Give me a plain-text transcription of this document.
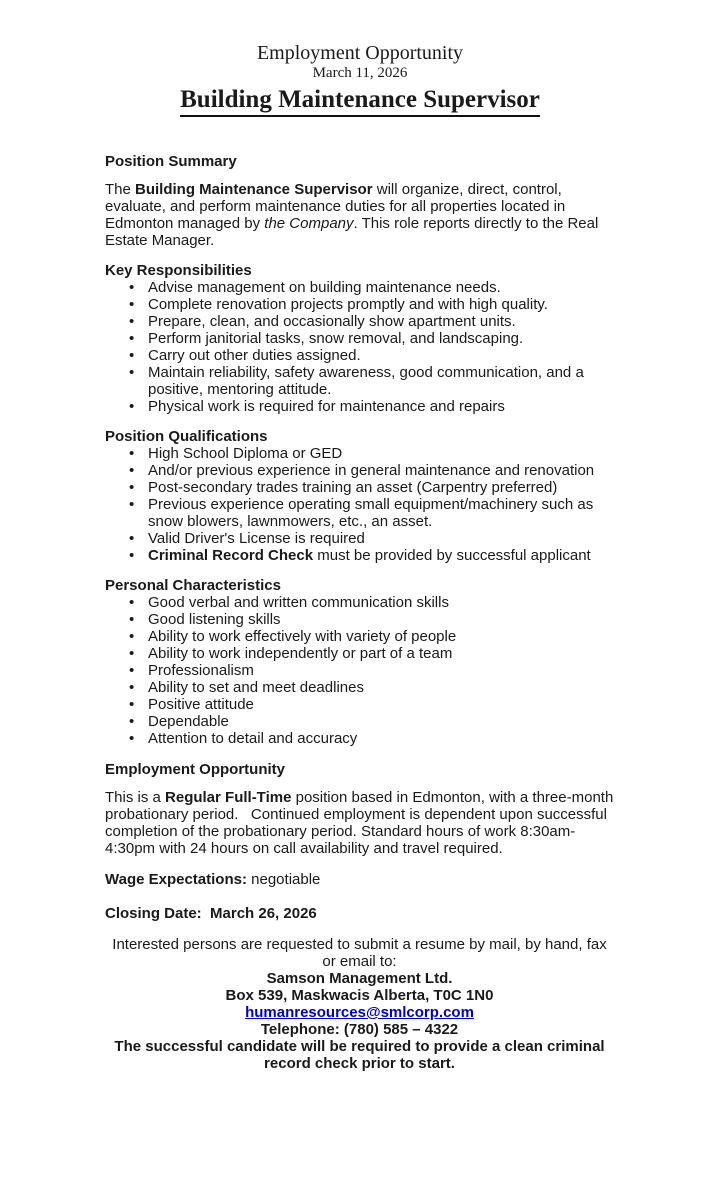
Employment Opportunity
March 11, 2026
Building Maintenance Supervisor
Position Summary

The Building Maintenance Supervisor will organize, direct, control, evaluate, and perform maintenance duties for all properties located in Edmonton managed by the Company. This role reports directly to the Real Estate Manager.

Key Responsibilities
• Advise management on building maintenance needs.
• Complete renovation projects promptly and with high quality.
• Prepare, clean, and occasionally show apartment units.
• Perform janitorial tasks, snow removal, and landscaping.
• Carry out other duties assigned.
• Maintain reliability, safety awareness, good communication, and a positive, mentoring attitude.
• Physical work is required for maintenance and repairs
Position Qualifications
• High School Diploma or GED
• And/or previous experience in general maintenance and renovation
• Post-secondary trades training an asset (Carpentry preferred)
• Previous experience operating small equipment/machinery such as snow blowers, lawnmowers, etc., an asset.
• Valid Driver's License is required
• Criminal Record Check must be provided by successful applicant
Personal Characteristics
• Good verbal and written communication skills
• Good listening skills
• Ability to work effectively with variety of people
• Ability to work independently or part of a team
• Professionalism
• Ability to set and meet deadlines
• Positive attitude
• Dependable
• Attention to detail and accuracy
Employment Opportunity

This is a Regular Full-Time position based in Edmonton, with a three-month probationary period.   Continued employment is dependent upon successful completion of the probationary period. Standard hours of work 8:30am-4:30pm with 24 hours on call availability and travel required.

Wage Expectations: negotiable
Closing Date:  March 26, 2026

Interested persons are requested to submit a resume by mail, by hand, fax or email to:

Samson Management Ltd.
Box 539, Maskwacis Alberta, T0C 1N0
humanresources@smlcorp.com
Telephone: (780) 585 – 4322
The successful candidate will be required to provide a clean criminal record check prior to start.
